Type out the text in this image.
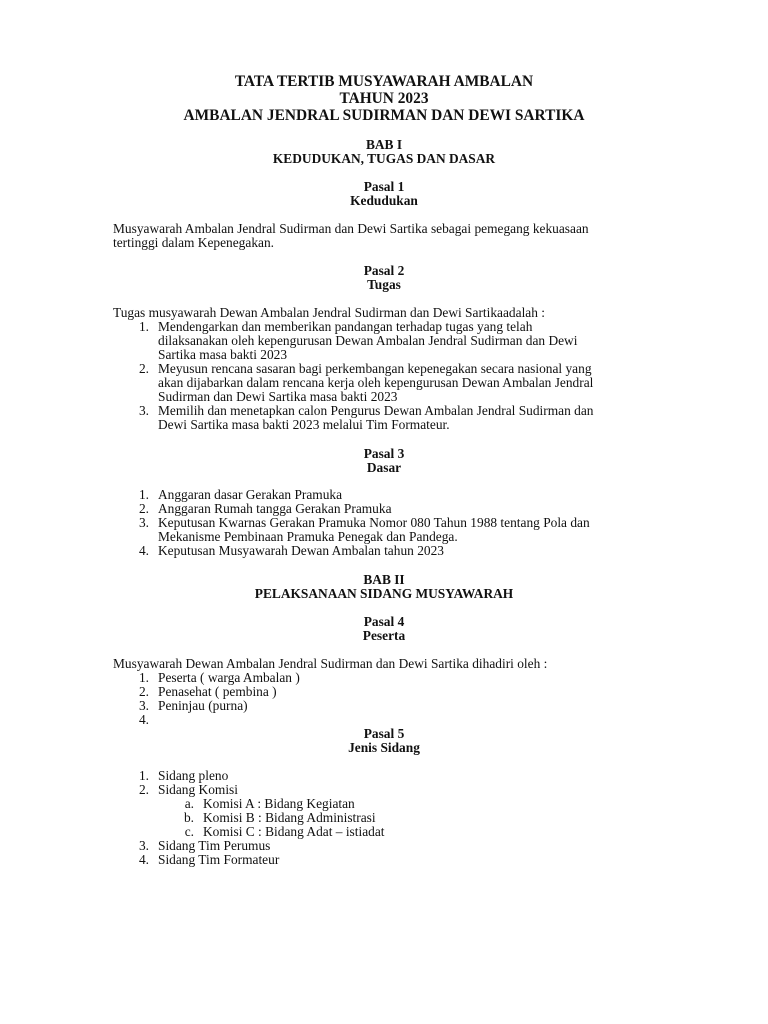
TATA TERTIB MUSYAWARAH AMBALAN
TAHUN 2023
AMBALAN JENDRAL SUDIRMAN DAN DEWI SARTIKA
BAB I
KEDUDUKAN, TUGAS DAN DASAR
Pasal 1
Kedudukan
Musyawarah Ambalan Jendral Sudirman dan Dewi Sartika sebagai pemegang kekuasaan
tertinggi dalam Kepenegakan.
Pasal 2
Tugas
Tugas musyawarah Dewan Ambalan Jendral Sudirman dan Dewi Sartikaadalah :
1. Mendengarkan dan memberikan pandangan terhadap tugas yang telah
dilaksanakan oleh kepengurusan Dewan Ambalan Jendral Sudirman dan Dewi
Sartika masa bakti 2023
2. Meyusun rencana sasaran bagi perkembangan kepenegakan secara nasional yang
akan dijabarkan dalam rencana kerja oleh kepengurusan Dewan Ambalan Jendral
Sudirman dan Dewi Sartika masa bakti 2023
3. Memilih dan menetapkan calon Pengurus Dewan Ambalan Jendral Sudirman dan
Dewi Sartika masa bakti 2023 melalui Tim Formateur.
Pasal 3
Dasar
1. Anggaran dasar Gerakan Pramuka
2. Anggaran Rumah tangga Gerakan Pramuka
3. Keputusan Kwarnas Gerakan Pramuka Nomor 080 Tahun 1988 tentang Pola dan
Mekanisme Pembinaan Pramuka Penegak dan Pandega.
4. Keputusan Musyawarah Dewan Ambalan tahun 2023
BAB II
PELAKSANAAN SIDANG MUSYAWARAH
Pasal 4
Peserta
Musyawarah Dewan Ambalan Jendral Sudirman dan Dewi Sartika dihadiri oleh :
1. Peserta ( warga Ambalan )
2. Penasehat ( pembina )
3. Peninjau (purna)
4.
Pasal 5
Jenis Sidang
1. Sidang pleno
2. Sidang Komisi
a. Komisi A : Bidang Kegiatan
b. Komisi B : Bidang Administrasi
c. Komisi C : Bidang Adat – istiadat
3. Sidang Tim Perumus
4. Sidang Tim Formateur
